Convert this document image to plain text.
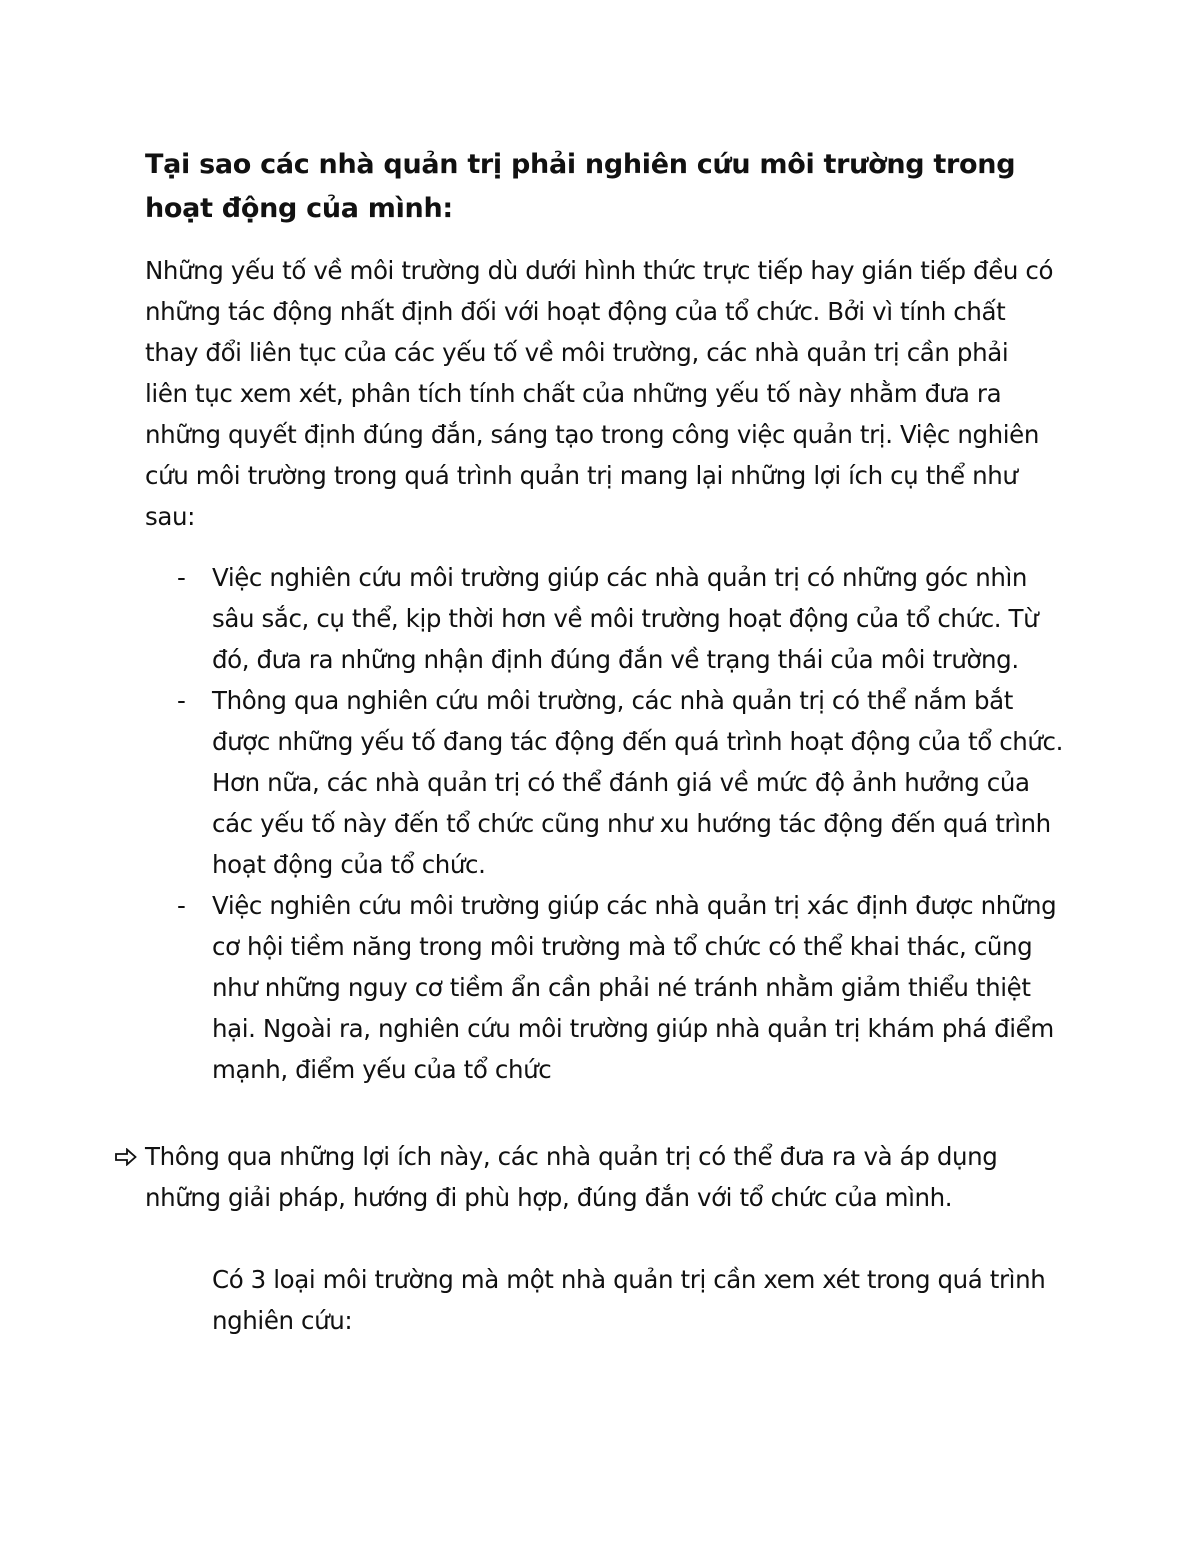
Tại sao các nhà quản trị phải nghiên cứu môi trường trong hoạt động của mình:

Những yếu tố về môi trường dù dưới hình thức trực tiếp hay gián tiếp đều có những tác động nhất định đối với hoạt động của tổ chức. Bởi vì tính chất thay đổi liên tục của các yếu tố về môi trường, các nhà quản trị cần phải liên tục xem xét, phân tích tính chất của những yếu tố này nhằm đưa ra những quyết định đúng đắn, sáng tạo trong công việc quản trị. Việc nghiên cứu môi trường trong quá trình quản trị mang lại những lợi ích cụ thể như sau:

- Việc nghiên cứu môi trường giúp các nhà quản trị có những góc nhìn sâu sắc, cụ thể, kịp thời hơn về môi trường hoạt động của tổ chức. Từ đó, đưa ra những nhận định đúng đắn về trạng thái của môi trường.
- Thông qua nghiên cứu môi trường, các nhà quản trị có thể nắm bắt được những yếu tố đang tác động đến quá trình hoạt động của tổ chức. Hơn nữa, các nhà quản trị có thể đánh giá về mức độ ảnh hưởng của các yếu tố này đến tổ chức cũng như xu hướng tác động đến quá trình hoạt động của tổ chức.
- Việc nghiên cứu môi trường giúp các nhà quản trị xác định được những cơ hội tiềm năng trong môi trường mà tổ chức có thể khai thác, cũng như những nguy cơ tiềm ẩn cần phải né tránh nhằm giảm thiểu thiệt hại. Ngoài ra, nghiên cứu môi trường giúp nhà quản trị khám phá điểm mạnh, điểm yếu của tổ chức

Thông qua những lợi ích này, các nhà quản trị có thể đưa ra và áp dụng những giải pháp, hướng đi phù hợp, đúng đắn với tổ chức của mình.

Có 3 loại môi trường mà một nhà quản trị cần xem xét trong quá trình nghiên cứu:
